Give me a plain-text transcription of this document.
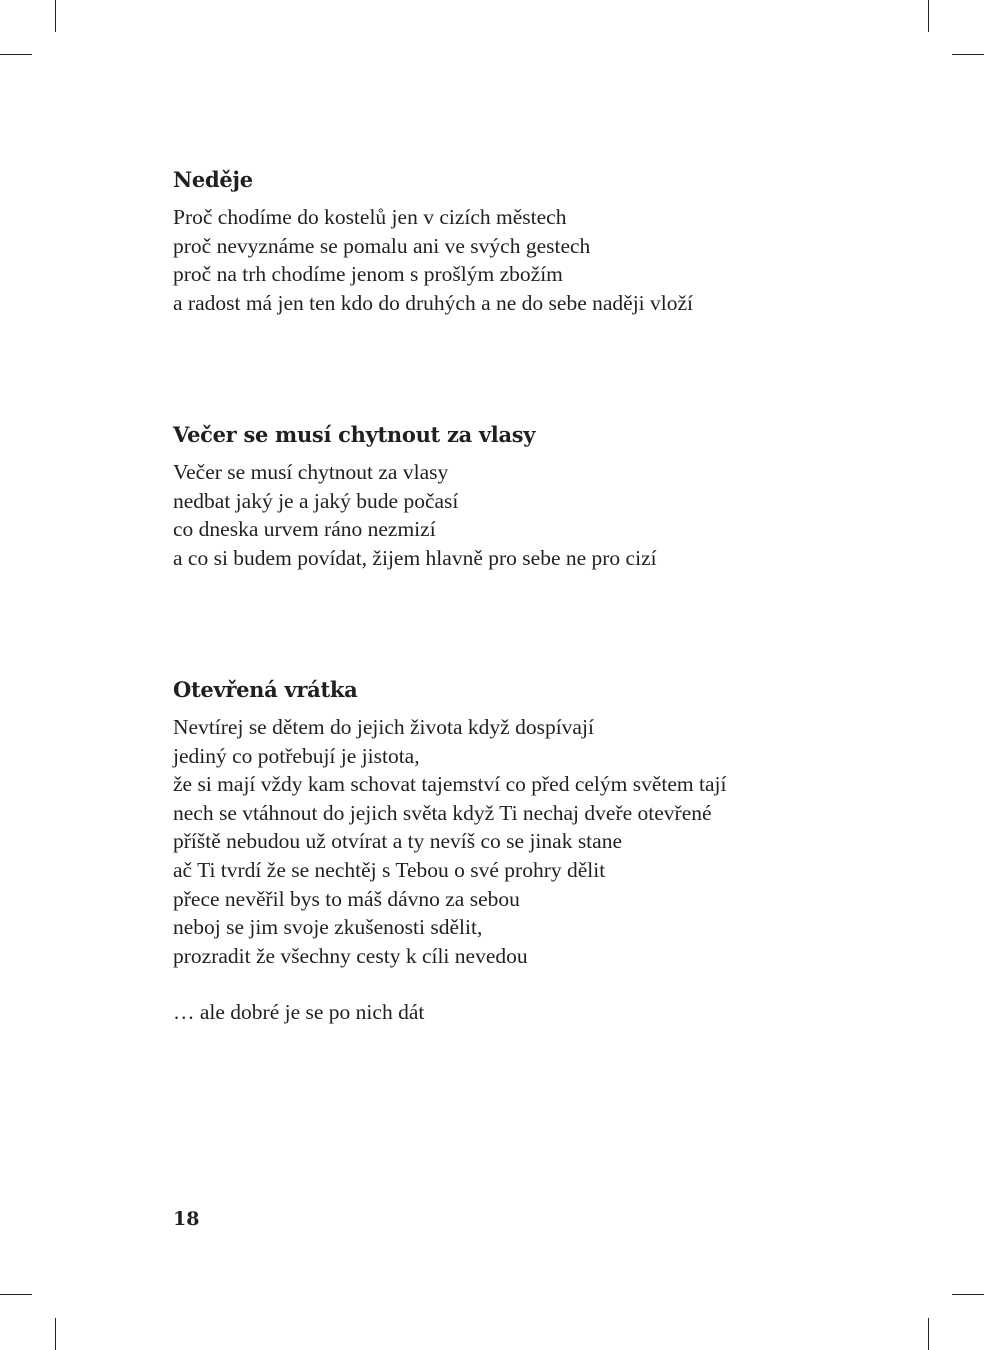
Neděje
Proč chodíme do kostelů jen v cizích městech
proč nevyznáme se pomalu ani ve svých gestech
proč na trh chodíme jenom s prošlým zbožím
a radost má jen ten kdo do druhých a ne do sebe naději vloží
Večer se musí chytnout za vlasy
Večer se musí chytnout za vlasy
nedbat jaký je a jaký bude počasí
co dneska urvem ráno nezmizí
a co si budem povídat, žijem hlavně pro sebe ne pro cizí
Otevřená vrátka
Nevtírej se dětem do jejich života když dospívají
jediný co potřebují je jistota,
že si mají vždy kam schovat tajemství co před celým světem tají
nech se vtáhnout do jejich světa když Ti nechaj dveře otevřené
příště nebudou už otvírat a ty nevíš co se jinak stane
ač Ti tvrdí že se nechtěj s Tebou o své prohry dělit
přece nevěřil bys to máš dávno za sebou
neboj se jim svoje zkušenosti sdělit,
prozradit že všechny cesty k cíli nevedou
… ale dobré je se po nich dát
18
